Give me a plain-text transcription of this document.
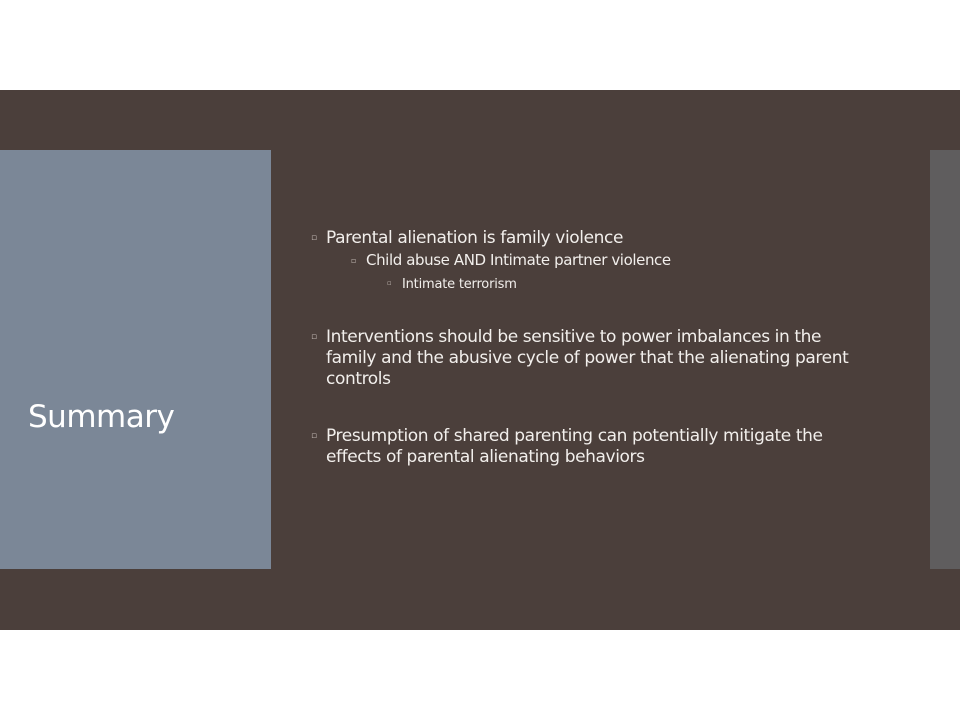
Summary

▫ Parental alienation is family violence

▫ Child abuse AND Intimate partner violence

▫ Intimate terrorism

▫ Interventions should be sensitive to power imbalances in the family and the abusive cycle of power that the alienating parent controls

▫ Presumption of shared parenting can potentially mitigate the effects of parental alienating behaviors
